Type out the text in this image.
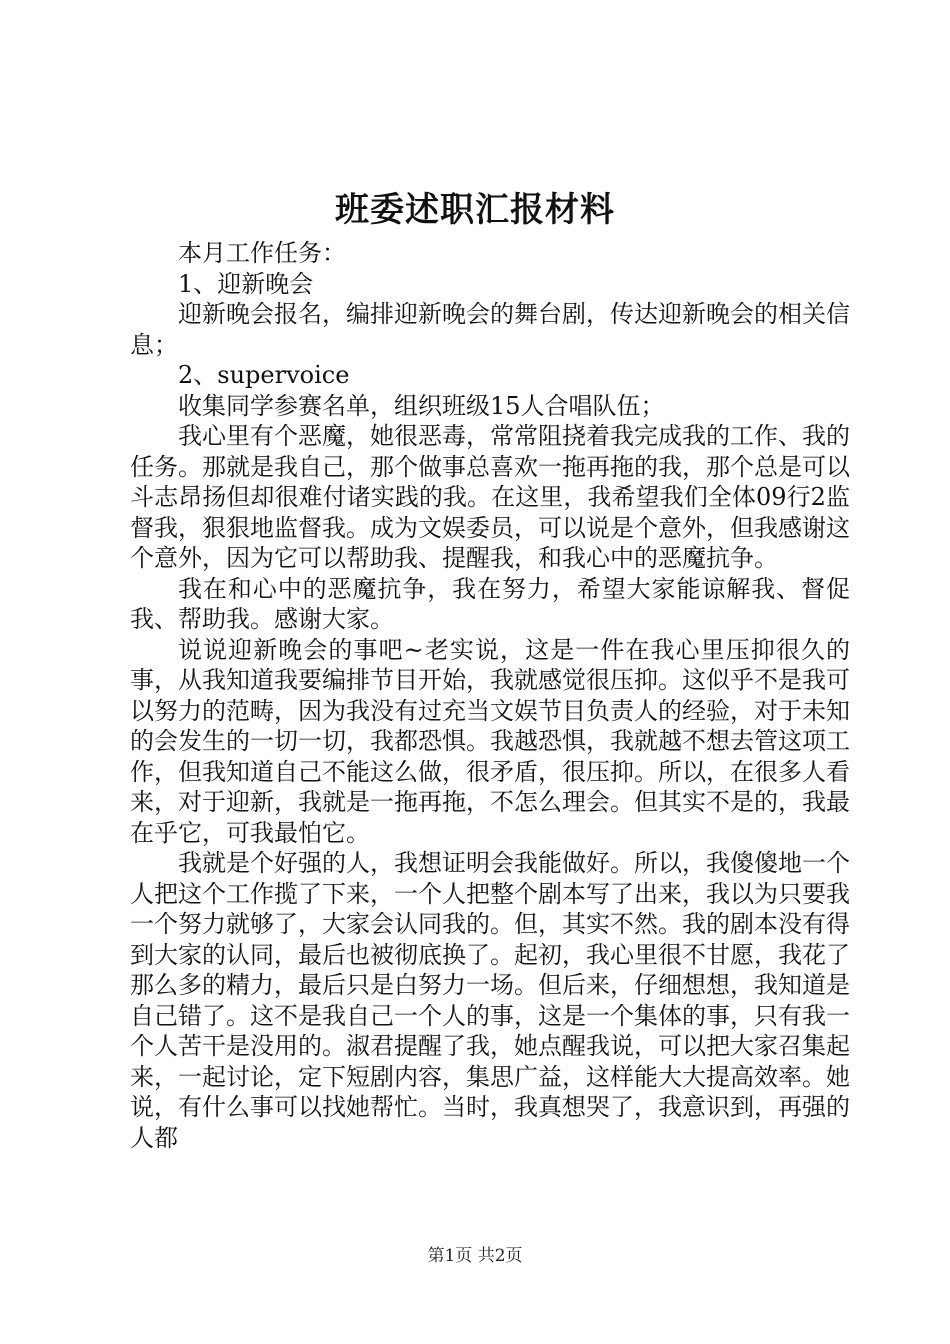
班委述职汇报材料

本月工作任务：

1、迎新晚会

迎新晚会报名，编排迎新晚会的舞台剧，传达迎新晚会的相关信息；

2、supervoice

收集同学参赛名单，组织班级15人合唱队伍；

我心里有个恶魔，她很恶毒，常常阻挠着我完成我的工作、我的任务。那就是我自己，那个做事总喜欢一拖再拖的我，那个总是可以斗志昂扬但却很难付诸实践的我。在这里，我希望我们全体09行2监督我，狠狠地监督我。成为文娱委员，可以说是个意外，但我感谢这个意外，因为它可以帮助我、提醒我，和我心中的恶魔抗争。

我在和心中的恶魔抗争，我在努力，希望大家能谅解我、督促我、帮助我。感谢大家。

说说迎新晚会的事吧~老实说，这是一件在我心里压抑很久的事，从我知道我要编排节目开始，我就感觉很压抑。这似乎不是我可以努力的范畴，因为我没有过充当文娱节目负责人的经验，对于未知的会发生的一切一切，我都恐惧。我越恐惧，我就越不想去管这项工作，但我知道自己不能这么做，很矛盾，很压抑。所以，在很多人看来，对于迎新，我就是一拖再拖，不怎么理会。但其实不是的，我最在乎它，可我最怕它。

我就是个好强的人，我想证明会我能做好。所以，我傻傻地一个人把这个工作揽了下来，一个人把整个剧本写了出来，我以为只要我一个努力就够了，大家会认同我的。但，其实不然。我的剧本没有得到大家的认同，最后也被彻底换了。起初，我心里很不甘愿，我花了那么多的精力，最后只是白努力一场。但后来，仔细想想，我知道是自己错了。这不是我自己一个人的事，这是一个集体的事，只有我一个人苦干是没用的。淑君提醒了我，她点醒我说，可以把大家召集起来，一起讨论，定下短剧内容，集思广益，这样能大大提高效率。她说，有什么事可以找她帮忙。当时，我真想哭了，我意识到，再强的人都

第1页 共2页
